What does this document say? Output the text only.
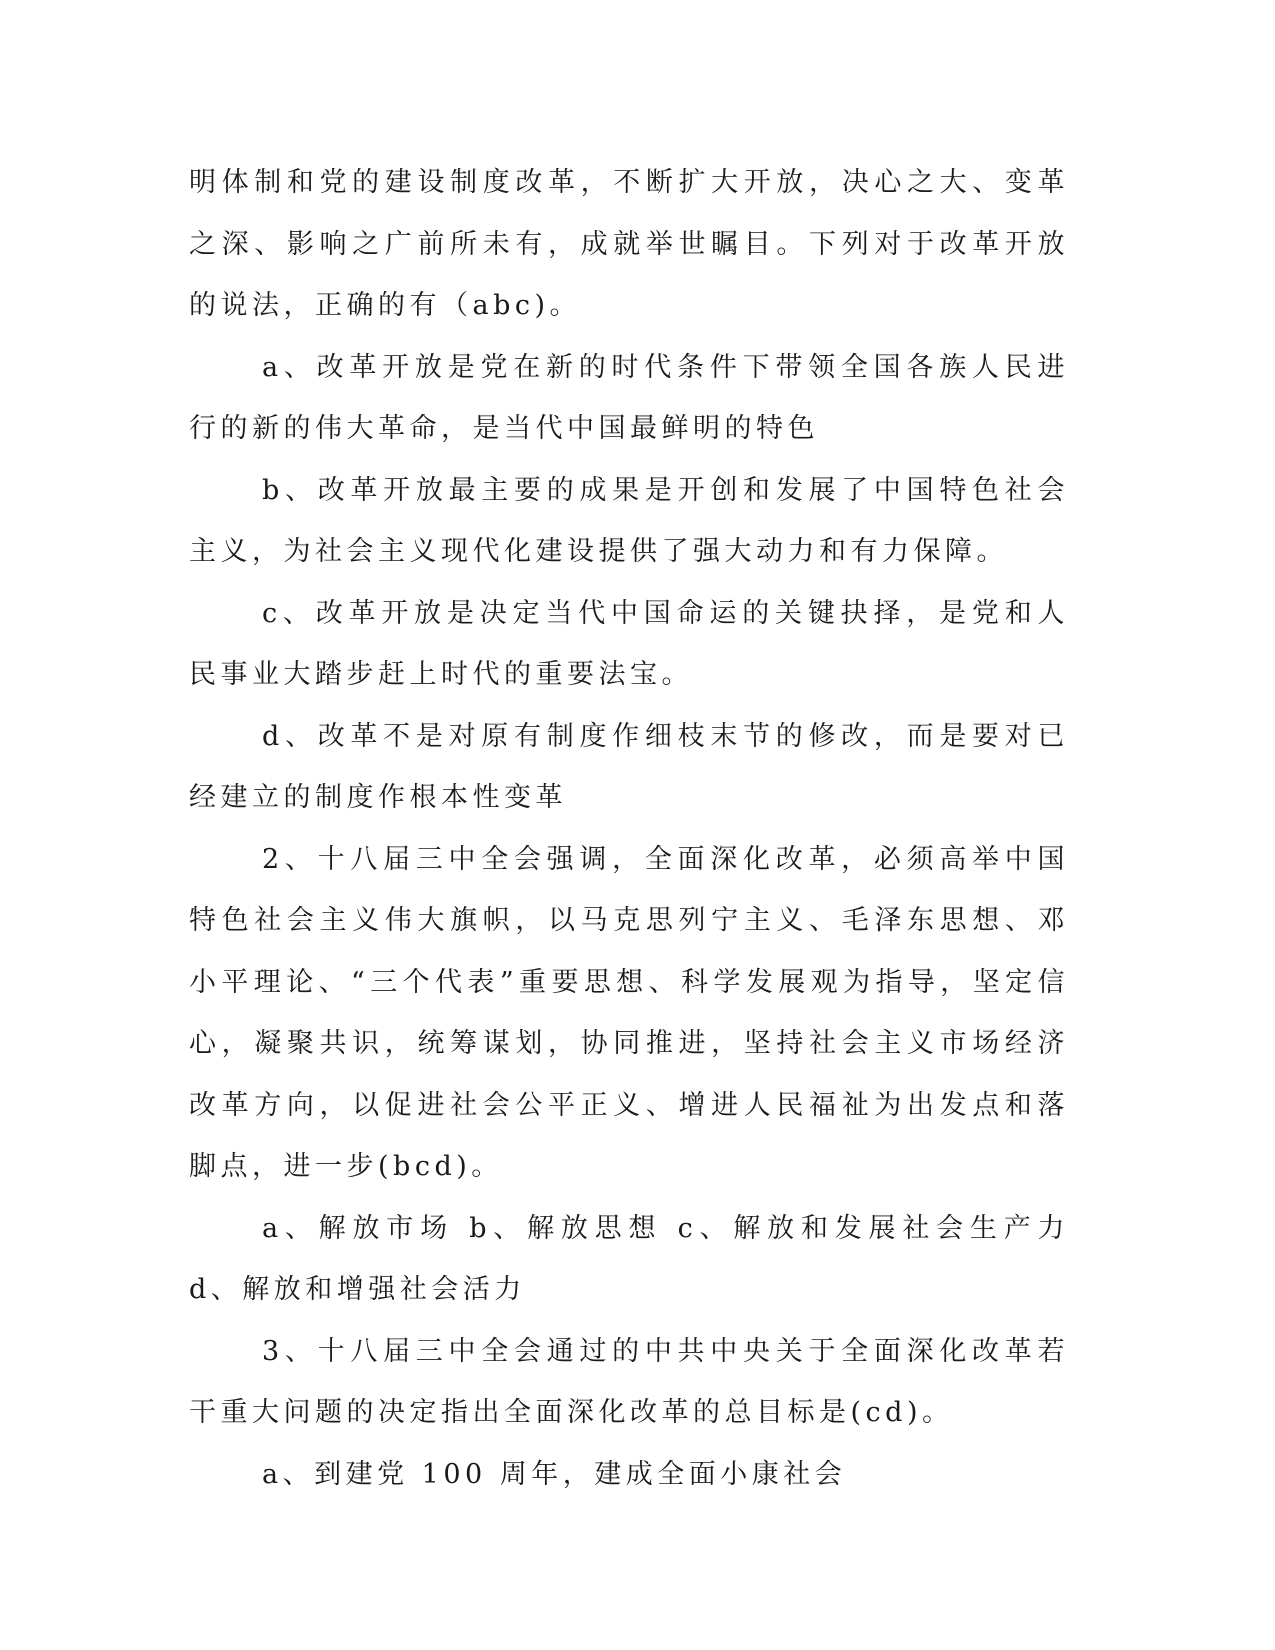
明体制和党的建设制度改革，不断扩大开放，决心之大、变革之深、影响之广前所未有，成就举世瞩目。下列对于改革开放的说法，正确的有（abc)。

a、改革开放是党在新的时代条件下带领全国各族人民进行的新的伟大革命，是当代中国最鲜明的特色

b、改革开放最主要的成果是开创和发展了中国特色社会主义，为社会主义现代化建设提供了强大动力和有力保障。

c、改革开放是决定当代中国命运的关键抉择，是党和人民事业大踏步赶上时代的重要法宝。

d、改革不是对原有制度作细枝末节的修改，而是要对已经建立的制度作根本性变革

2、十八届三中全会强调，全面深化改革，必须高举中国特色社会主义伟大旗帜，以马克思列宁主义、毛泽东思想、邓小平理论、“三个代表”重要思想、科学发展观为指导，坚定信心，凝聚共识，统筹谋划，协同推进，坚持社会主义市场经济改革方向，以促进社会公平正义、增进人民福祉为出发点和落脚点，进一步(bcd)。

a、解放市场 b、解放思想 c、解放和发展社会生产力 d、解放和增强社会活力

3、十八届三中全会通过的中共中央关于全面深化改革若干重大问题的决定指出全面深化改革的总目标是(cd)。

a、到建党 100 周年，建成全面小康社会
